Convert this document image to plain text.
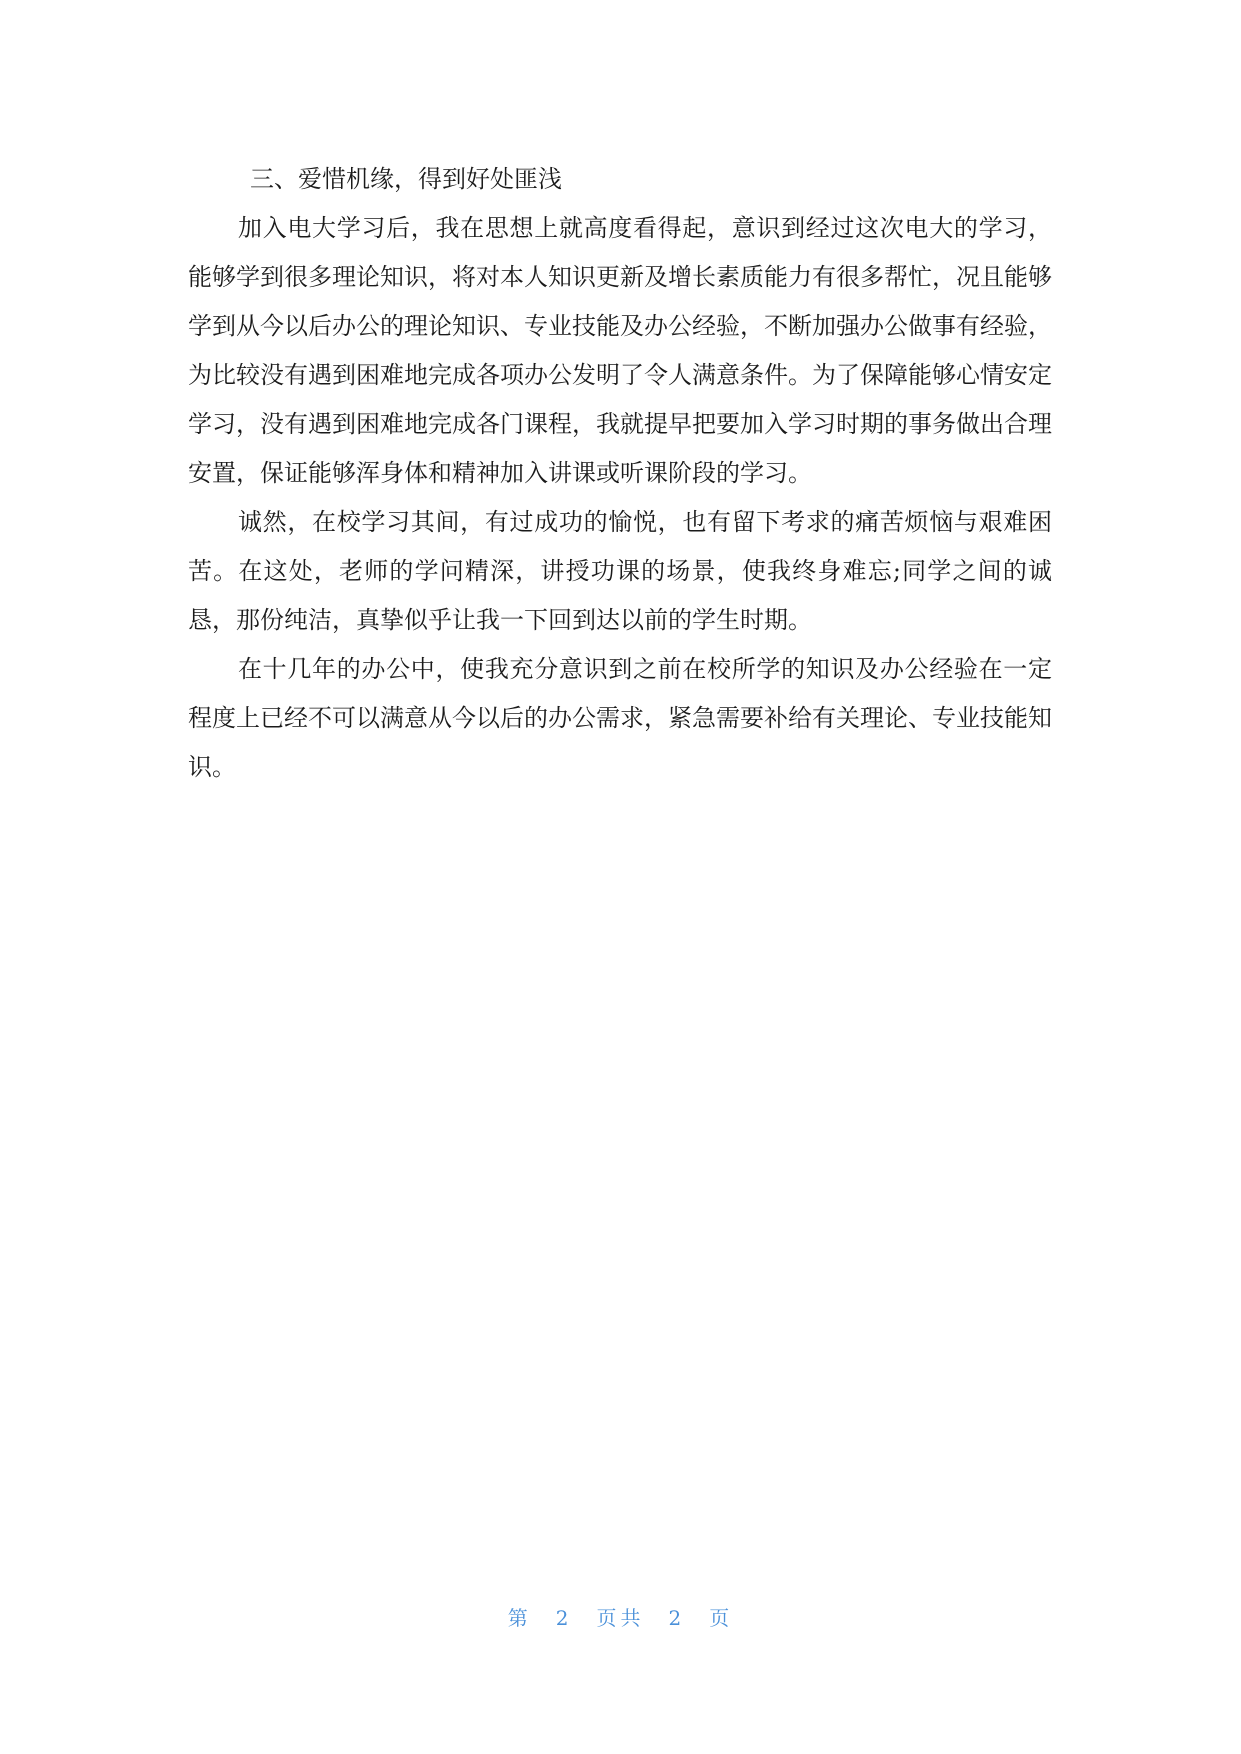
三、爱惜机缘，得到好处匪浅

加入电大学习后，我在思想上就高度看得起，意识到经过这次电大的学习，能够学到很多理论知识，将对本人知识更新及增长素质能力有很多帮忙，况且能够学到从今以后办公的理论知识、专业技能及办公经验，不断加强办公做事有经验，为比较没有遇到困难地完成各项办公发明了令人满意条件。为了保障能够心情安定学习，没有遇到困难地完成各门课程，我就提早把要加入学习时期的事务做出合理安置，保证能够浑身体和精神加入讲课或听课阶段的学习。

诚然，在校学习其间，有过成功的愉悦，也有留下考求的痛苦烦恼与艰难困苦。在这处，老师的学问精深，讲授功课的场景，使我终身难忘;同学之间的诚恳，那份纯洁，真挚似乎让我一下回到达以前的学生时期。

在十几年的办公中，使我充分意识到之前在校所学的知识及办公经验在一定程度上已经不可以满意从今以后的办公需求，紧急需要补给有关理论、专业技能知识。

第 2 页共 2 页
